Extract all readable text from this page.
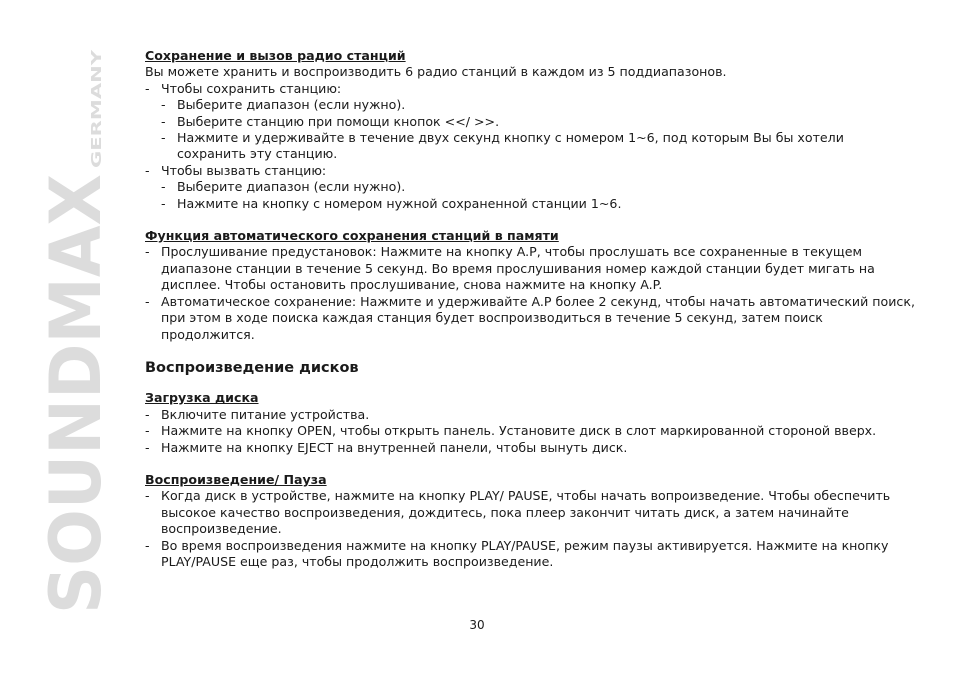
SOUNDMAX
GERMANY

Сохранение и вызов радио станций

Вы можете хранить и воспроизводить 6 радио станций в каждом из 5 поддиапазонов.

- Чтобы сохранить станцию:
- Выберите диапазон (если нужно).
- Выберите станцию при помощи кнопок <</ >>.
- Нажмите и удерживайте в течение двух секунд кнопку с номером 1~6, под которым Вы бы хотели сохранить эту станцию.
- Чтобы вызвать станцию:
- Выберите диапазон (если нужно).
- Нажмите на кнопку с номером нужной сохраненной станции 1~6.

Функция автоматического сохранения станций в памяти

- Прослушивание предустановок: Нажмите на кнопку A.P, чтобы прослушать все сохраненные в текущем диапазоне станции в течение 5 секунд. Во время прослушивания номер каждой станции будет мигать на дисплее. Чтобы остановить прослушивание, снова нажмите на кнопку A.P.
- Автоматическое сохранение: Нажмите и удерживайте A.P более 2 секунд, чтобы начать автоматический поиск, при этом в ходе поиска каждая станция будет воспроизводиться в течение 5 секунд, затем поиск продолжится.

Воспроизведение дисков

Загрузка диска

- Включите питание устройства.
- Нажмите на кнопку OPEN, чтобы открыть панель. Установите диск в слот маркированной стороной вверх.
- Нажмите на кнопку EJECT на внутренней панели, чтобы вынуть диск.

Воспроизведение/ Пауза

- Когда диск в устройстве, нажмите на кнопку PLAY/ PAUSE, чтобы начать вопроизведение. Чтобы обеспечить высокое качество воспроизведения, дождитесь, пока плеер закончит читать диск, а затем начинайте воспроизведение.
- Во время воспроизведения нажмите на кнопку PLAY/PAUSE, режим паузы активируется. Нажмите на кнопку PLAY/PAUSE еще раз, чтобы продолжить воспроизведение.
30
